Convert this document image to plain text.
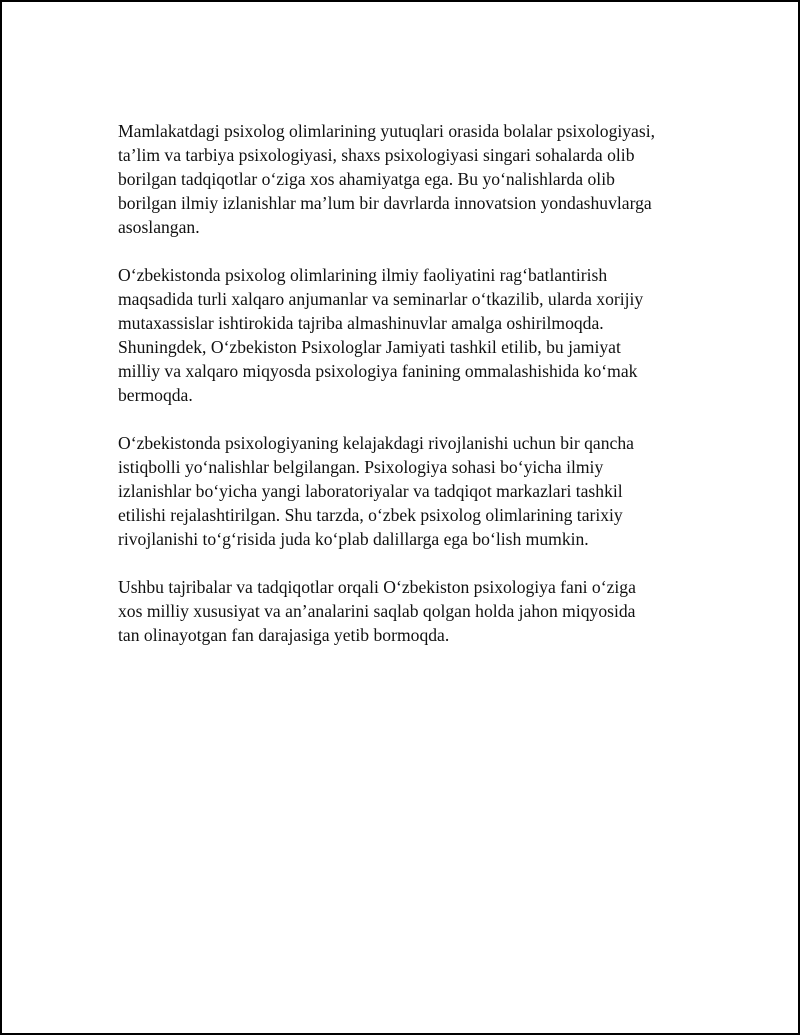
Mamlakatdagi psixolog olimlarining yutuqlari orasida bolalar psixologiyasi,
ta’lim va tarbiya psixologiyasi, shaxs psixologiyasi singari sohalarda olib
borilgan tadqiqotlar o‘ziga xos ahamiyatga ega. Bu yo‘nalishlarda olib
borilgan ilmiy izlanishlar ma’lum bir davrlarda innovatsion yondashuvlarga
asoslangan.

O‘zbekistonda psixolog olimlarining ilmiy faoliyatini rag‘batlantirish
maqsadida turli xalqaro anjumanlar va seminarlar o‘tkazilib, ularda xorijiy
mutaxassislar ishtirokida tajriba almashinuvlar amalga oshirilmoqda.
Shuningdek, O‘zbekiston Psixologlar Jamiyati tashkil etilib, bu jamiyat
milliy va xalqaro miqyosda psixologiya fanining ommalashishida ko‘mak
bermoqda.

O‘zbekistonda psixologiyaning kelajakdagi rivojlanishi uchun bir qancha
istiqbolli yo‘nalishlar belgilangan. Psixologiya sohasi bo‘yicha ilmiy
izlanishlar bo‘yicha yangi laboratoriyalar va tadqiqot markazlari tashkil
etilishi rejalashtirilgan. Shu tarzda, o‘zbek psixolog olimlarining tarixiy
rivojlanishi to‘g‘risida juda ko‘plab dalillarga ega bo‘lish mumkin.

Ushbu tajribalar va tadqiqotlar orqali O‘zbekiston psixologiya fani o‘ziga
xos milliy xususiyat va an’analarini saqlab qolgan holda jahon miqyosida
tan olinayotgan fan darajasiga yetib bormoqda.
